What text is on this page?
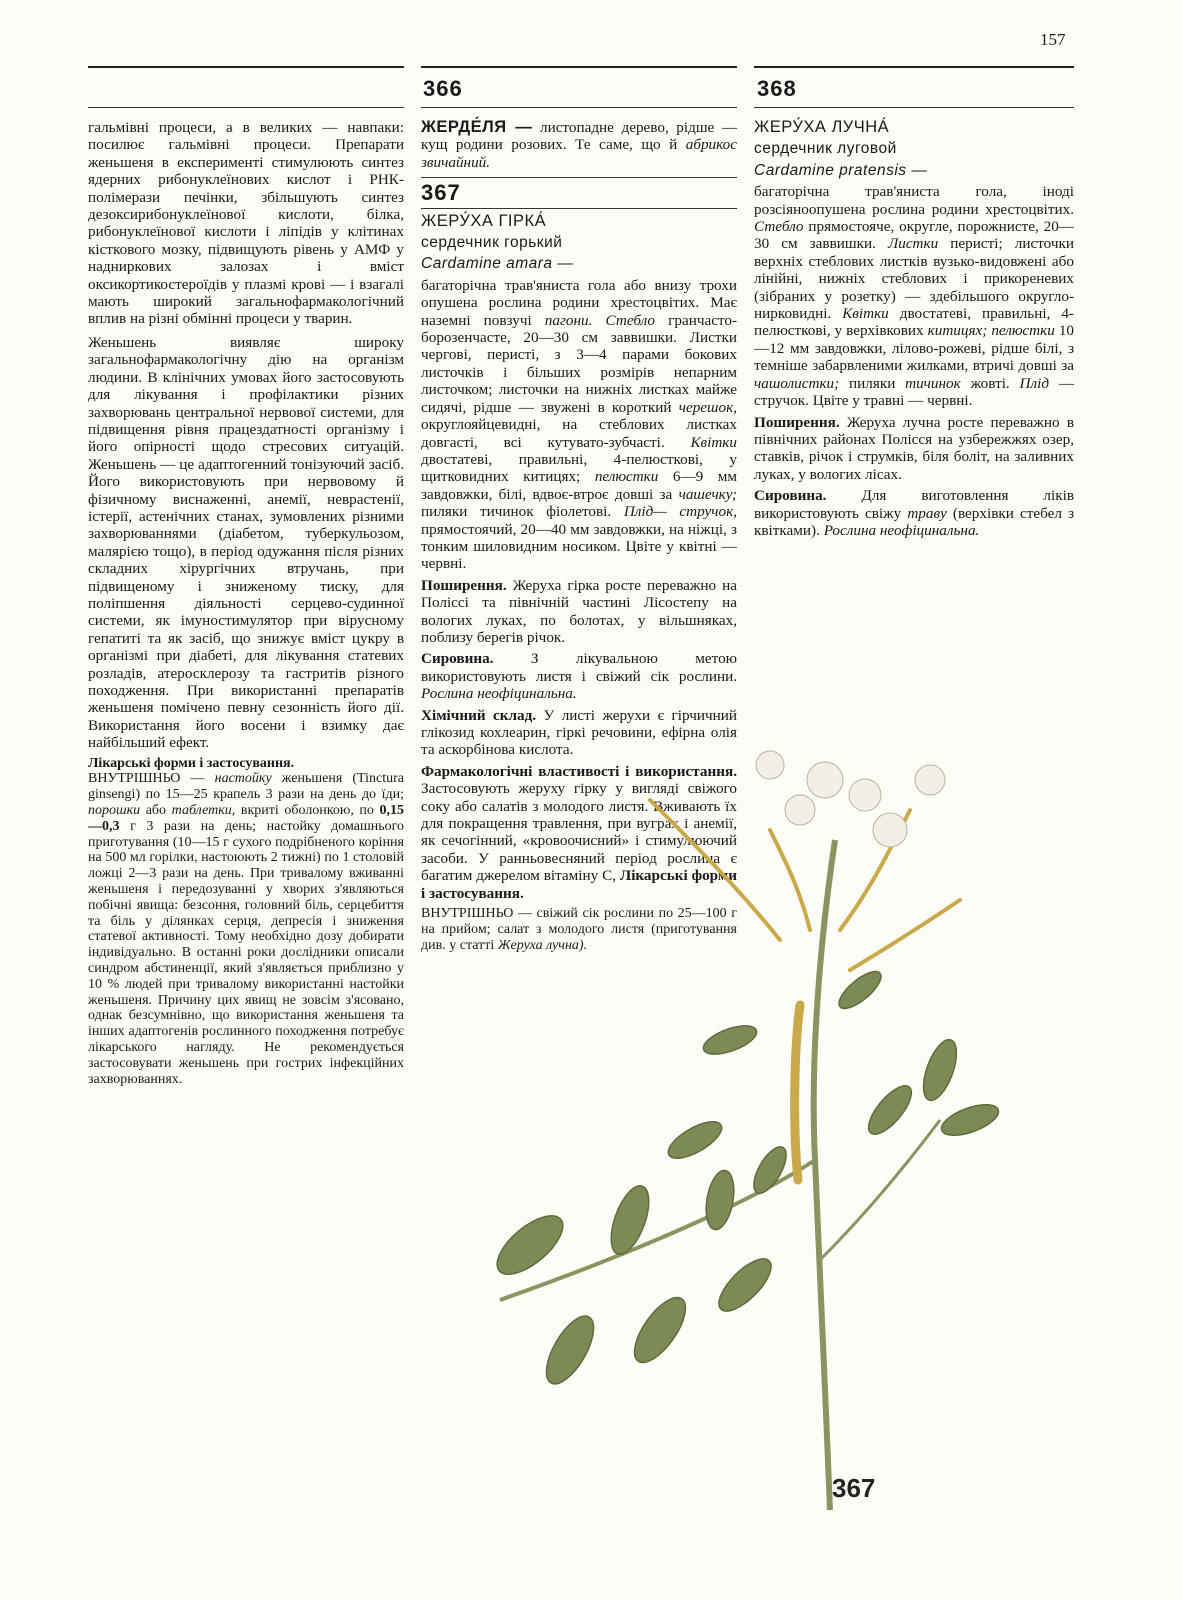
157
366	368

гальмівні процеси, а в великих — навпаки: посилює гальмівні процеси. Препарати женьшеня в експерименті стимулюють синтез ядерних рибонуклеїнових кислот і РНК-полімерази печінки, збільшують синтез дезоксирибонуклеїнової кислоти, білка, рибонуклеїнової кислоти і ліпідів у клітинах кісткового мозку, підвищують рівень у АМФ у надниркових залозах і вміст оксикортикостероїдів у плазмі крові — і взагалі мають широкий загальнофармакологічний вплив на різні обмінні процеси у тварин.

Женьшень виявляє широку загальнофармакологічну дію на організм людини. В клінічних умовах його застосовують для лікування і профілактики різних захворювань центральної нервової системи, для підвищення рівня працездатності організму і його опірності щодо стресових ситуацій. Женьшень — це адаптогенний тонізуючий засіб. Його використовують при нервовому й фізичному виснаженні, анемії, неврастенії, істерії, астенічних станах, зумовлених різними захворюваннями (діабетом, туберкульозом, малярією тощо), в період одужання після різних складних хірургічних втручань, при підвищеному і зниженому тиску, для поліпшення діяльності серцево-судинної системи, як імуностимулятор при вірусному гепатиті та як засіб, що знижує вміст цукру в організмі при діабеті, для лікування статевих розладів, атеросклерозу та гастритів різного походження. При використанні препаратів женьшеня помічено певну сезонність його дії. Використання його восени і взимку дає найбільший ефект.

Лікарські форми і застосування.
ВНУТРІШНЬО — настойку женьшеня (Tinctura ginsengi) по 15—25 крапель 3 рази на день до їди; порошки або таблетки, вкриті оболонкою, по 0,15—0,3 г 3 рази на день; настойку домашнього приготування (10—15 г сухого подрібненого коріння на 500 мл горілки, настоюють 2 тижні) по 1 столовій ложці 2—3 рази на день. При тривалому вживанні женьшеня і передозуванні у хворих з'являються побічні явища: безсоння, головний біль, серцебиття та біль у ділянках серця, депресія і зниження статевої активності. Тому необхідно дозу добирати індивідуально. В останні роки дослідники описали синдром абстиненції, який з'являється приблизно у 10 % людей при тривалому використанні настойки женьшеня. Причину цих явищ не зовсім з'ясовано, однак безсумнівно, що використання женьшеня та інших адаптогенів рослинного походження потребує лікарського нагляду. Не рекомендується застосовувати женьшень при гострих інфекційних захворюваннях.

ЖЕРДЕ́ЛЯ — листопадне дерево, рідше — кущ родини розових. Те саме, що й абрикос звичайний.

367

ЖЕРУ́ХА ГІРКА́

сердечник горький

Cardamine amara —

багаторічна трав'яниста гола або внизу трохи опушена рослина родини хрестоцвітих. Має наземні повзучі пагони. Стебло гранчасто-борозенчасте, 20—30 см заввишки. Листки чергові, перисті, з 3—4 парами бокових листочків і більших розмірів непарним листочком; листочки на нижніх листках майже сидячі, рідше — звужені в короткий черешок, округлояйцевидні, на стеблових листках довгасті, всі кутувато-зубчасті. Квітки двостатеві, правильні, 4-пелюсткові, у щитковидних китицях; пелюстки 6—9 мм завдовжки, білі, вдвоє-втроє довші за чашечку; пиляки тичинок фіолетові. Плід— стручок, прямостоячий, 20—40 мм завдовжки, на ніжці, з тонким шиловидним носиком. Цвіте у квітні — червні.

Поширення. Жеруха гірка росте переважно на Поліссі та північній частині Лісостепу на вологих луках, по болотах, у вільшняках, поблизу берегів річок.

Сировина. З лікувальною метою використовують листя і свіжий сік рослини. Рослина неофіцинальна.

Хімічний склад. У листі жерухи є гірчичний глікозид кохлеарин, гіркі речовини, ефірна олія та аскорбінова кислота.

Фармакологічні властивості і використання. Застосовують жеруху гірку у вигляді свіжого соку або салатів з молодого листя. Вживають їх для покращення травлення, при вуграх і анемії, як сечогінний, «кровоочисний» і стимулюючий засоби. У ранньовесняний період рослина є багатим джерелом вітаміну С, Лікарські форми і застосування.

ВНУТРІШНЬО — свіжий сік рослини по 25—100 г на прийом; салат з молодого листя (приготування див. у статті Жеруха лучна).

ЖЕРУ́ХА ЛУЧНА́

сердечник луговой

Cardamine pratensis —

багаторічна трав'яниста гола, іноді розсіяноопушена рослина родини хрестоцвітих. Стебло прямостояче, округле, порожнисте, 20—30 см заввишки. Листки перисті; листочки верхніх стеблових листків вузько-видовжені або лінійні, нижніх стеблових і прикореневих (зібраних у розетку) — здебільшого округло-нирковидні. Квітки двостатеві, правильні, 4-пелюсткові, у верхівкових китицях; пелюстки 10—12 мм завдовжки, лілово-рожеві, рідше білі, з темніше забарвленими жилками, втричі довші за чашолистки; пиляки тичинок жовті. Плід — стручок. Цвіте у травні — червні.

Поширення. Жеруха лучна росте переважно в північних районах Полісся на узбережжях озер, ставків, річок і струмків, біля боліт, на заливних луках, у вологих лісах.

Сировина. Для виготовлення ліків використовують свіжу траву (верхівки стебел з квітками). Рослина неофіцинальна.

367
